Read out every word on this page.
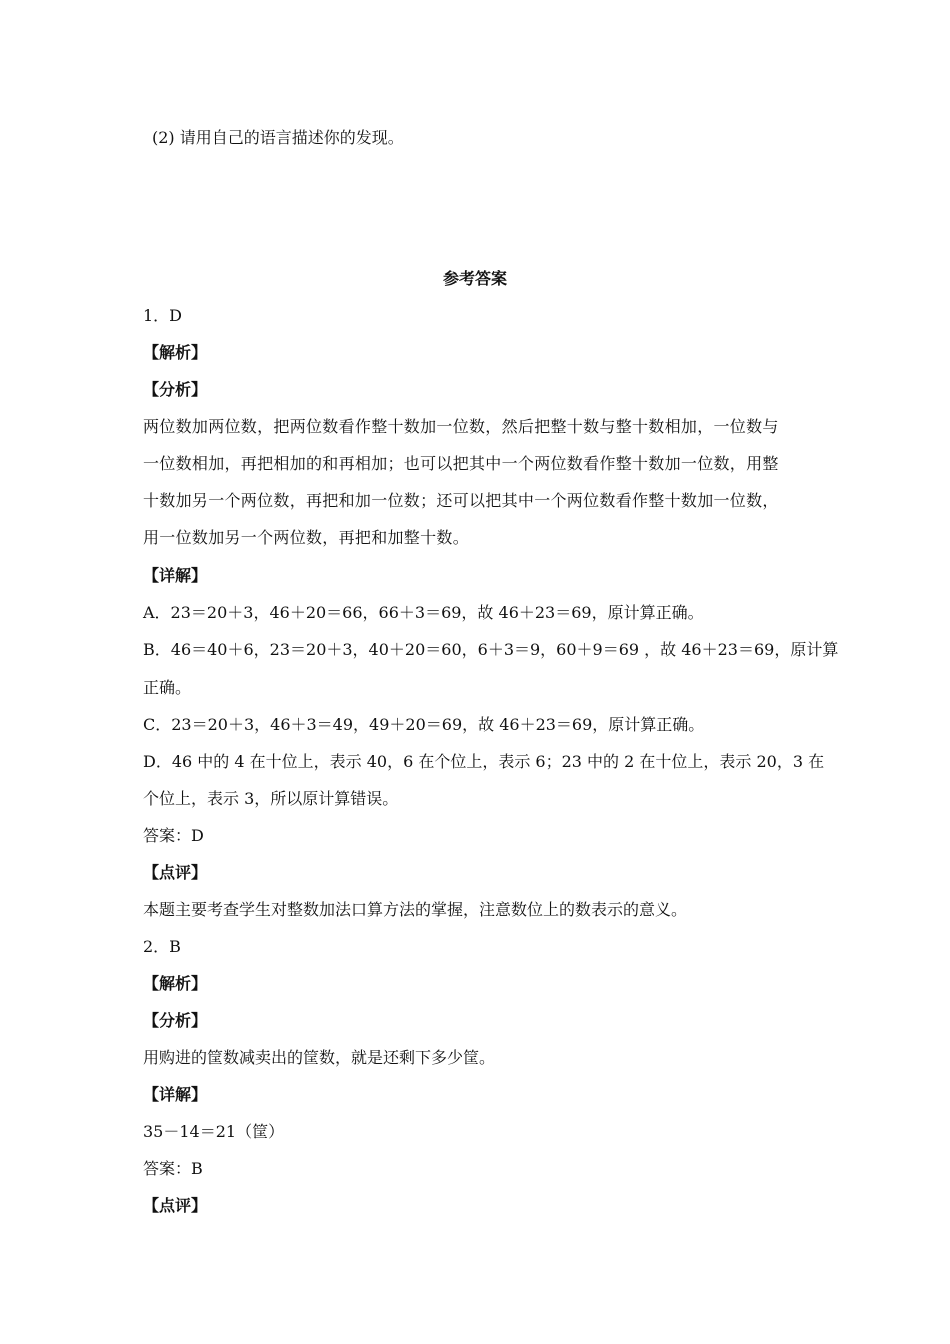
(2) 请用自己的语言描述你的发现。
参考答案
1．D
【解析】
【分析】
两位数加两位数，把两位数看作整十数加一位数，然后把整十数与整十数相加，一位数与
一位数相加，再把相加的和再相加；也可以把其中一个两位数看作整十数加一位数，用整
十数加另一个两位数，再把和加一位数；还可以把其中一个两位数看作整十数加一位数，
用一位数加另一个两位数，再把和加整十数。
【详解】
A．23＝20＋3，46＋20＝66，66＋3＝69，故 46＋23＝69，原计算正确。
B．46＝40＋6，23＝20＋3，40＋20＝60，6＋3＝9，60＋9＝69 ，故 46＋23＝69，原计算
正确。
C．23＝20＋3，46＋3＝49，49＋20＝69，故 46＋23＝69，原计算正确。
D．46 中的 4 在十位上，表示 40，6 在个位上，表示 6；23 中的 2 在十位上，表示 20，3 在
个位上，表示 3，所以原计算错误。
答案：D
【点评】
本题主要考查学生对整数加法口算方法的掌握，注意数位上的数表示的意义。
2．B
【解析】
【分析】
用购进的筐数减卖出的筐数，就是还剩下多少筐。
【详解】
35－14＝21（筐）
答案：B
【点评】
